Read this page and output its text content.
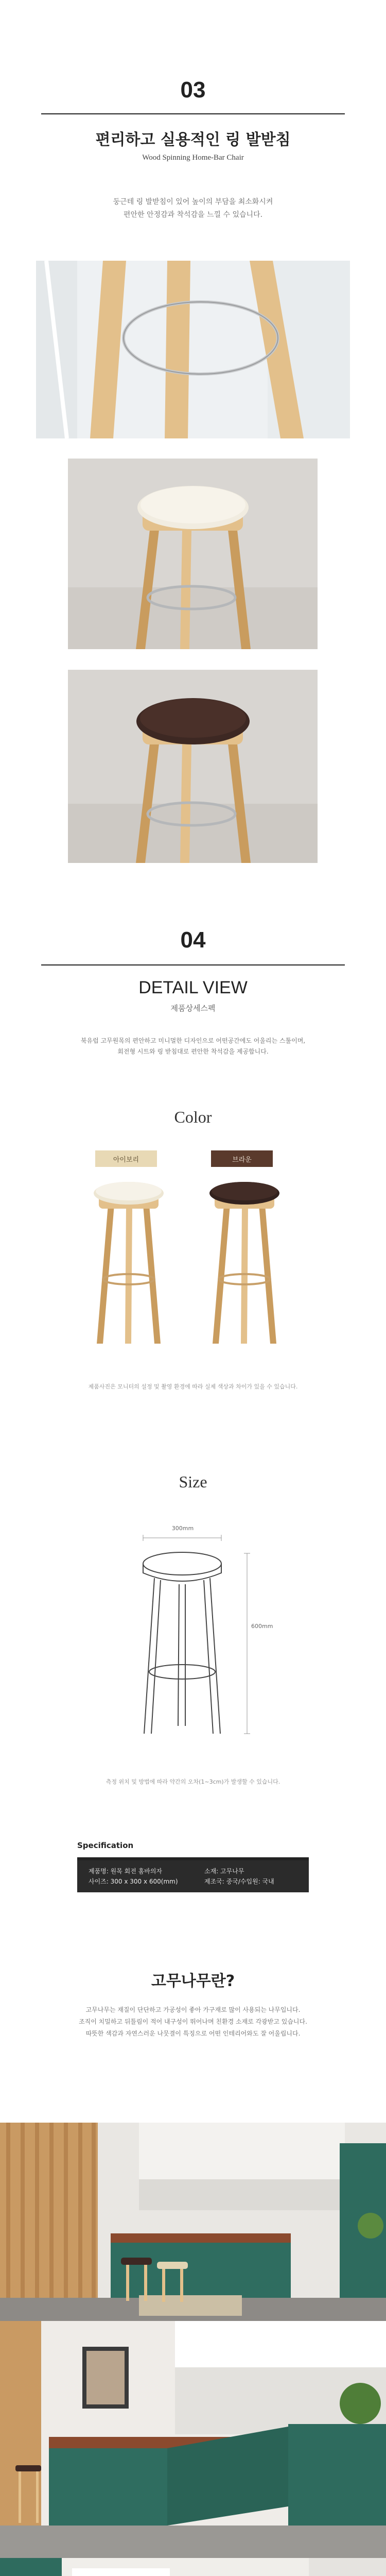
03
편리하고 실용적인 링 발받침
Wood Spinning Home-Bar Chair
둥근테 링 발받침이 있어 높이의 부담을 최소화시켜
편안한 안정감과 착석감을 느낄 수 있습니다.
04
DETAIL VIEW
제품상세스펙
북유럽 고무원목의 편안하고 미니멀한 디자인으로 어떤공간에도 어울리는 스툴이며,
회전형 시트와 링 받침대로 편안한 착석감을 제공합니다.
Color
아이보리	브라운
제품사진은 모니터의 설정 및 촬영 환경에 따라 실제 색상과 차이가 있을 수 있습니다.
Size
300mm
600mm
측정 위치 및 방법에 따라 약간의 오차(1~3cm)가 발생할 수 있습니다.
Specification
제품명: 원목 회전 홈바의자
사이즈: 300 x 300 x 600(mm)
소재: 고무나무
제조국: 중국/수입원: 국내
고무나무란?
고무나무는 재질이 단단하고 가공성이 좋아 가구재로 많이 사용되는 나무입니다.
조직이 치밀하고 뒤틀림이 적어 내구성이 뛰어나며 친환경 소재로 각광받고 있습니다.
따뜻한 색감과 자연스러운 나뭇결이 특징으로 어떤 인테리어와도 잘 어울립니다.
